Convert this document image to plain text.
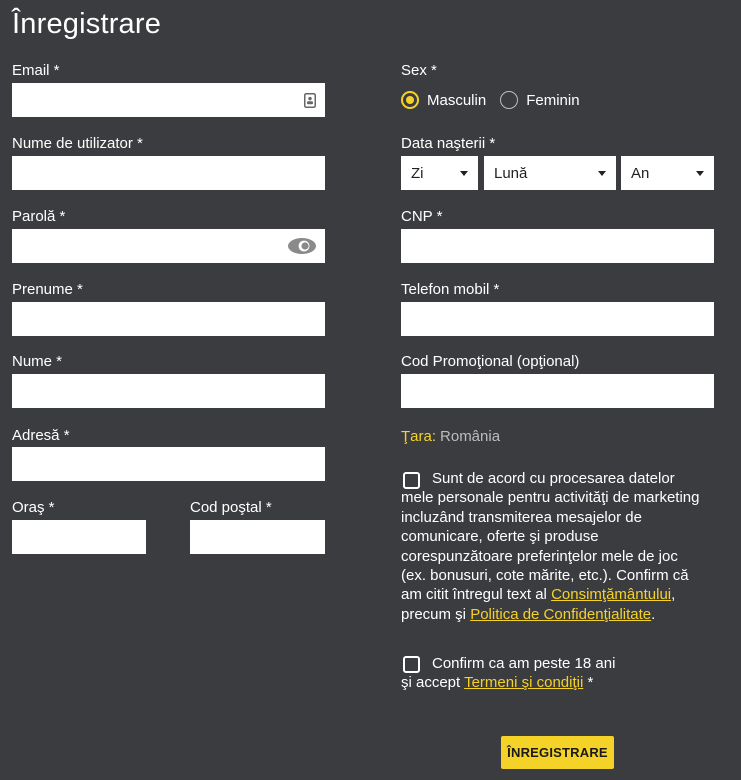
Înregistrare
Email *
Nume de utilizator *
Parolă *
Prenume *
Nume *
Adresă *
Oraş *	Cod poştal *
Sex *
Masculin	Feminin
Data naşterii *
Zi	Lună	An
CNP *
Telefon mobil *
Cod Promoţional (opţional)
Ţara: România
Sunt de acord cu procesarea datelor mele personale pentru activităţi de marketing incluzând transmiterea mesajelor de comunicare, oferte şi produse corespunzătoare preferinţelor mele de joc (ex. bonusuri, cote mărite, etc.). Confirm că am citit întregul text al Consimţământului, precum şi Politica de Confidenţialitate.
Confirm ca am peste 18 ani şi accept Termeni şi condiţii *
ÎNREGISTRARE
